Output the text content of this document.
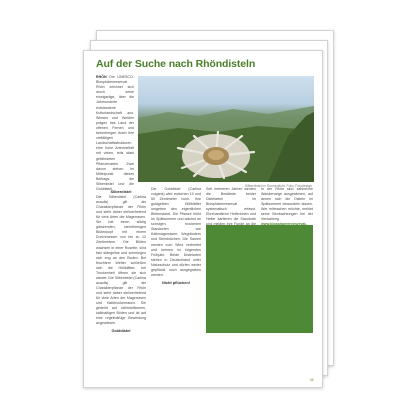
Auf der Suche nach Rhöndisteln
RHÖN Die UNESCO-Biosphärenreservat Rhön zeichnet sich durch seine einzigartige, über die Jahrhunderte entstandene Kulturlandschaft aus. Wiesen und Weiden prägen das Land der offenen Fernen und beherbergen durch ihre vielfältigen Landschaftsstrukturen eine hohe Artenvielfalt mit vielen, teils stark gefährdeten Pflanzenarten. Zwei davon stehen im Mittelpunkt dieses Beitrags: die Silberdistel und die Golddistel.
Silberdistel im Sonnenlicht, Foto: Fotodesign
Silberdistel
Die Silberdistel (Carlina acaulis) gilt als Charakterpflanze der Rhön und steht daher stellvertretend für viele Arten der Magerrasen. Sie hat einen silbrig glänzenden, sternförmigen Blütenkopf mit einem Durchmesser von bis zu 12 Zentimetern. Die Blüten wachsen in einer Rosette, sind fast stängellos und schmiegen sich eng an den Boden. Bei feuchtem Wetter schließen sich die Hüllblätter, bei Trockenheit öffnen sie sich wieder. Die Silberdistel (Carlina acaulis) gilt als Charakterpflanze der Rhön und steht daher stellvertretend für viele Arten der Magerrasen und Halbtrockenrasen. Sie gedeiht auf nährstoffarmen, kalkhaltigen Böden und ist auf eine regelmäßige Beweidung angewiesen.
Golddistel
Die Golddistel (Carlina vulgaris) wird zwischen 10 und 50 Zentimeter hoch. Ihre goldgelben Hüllblätter umgeben den eigentlichen Blütenstand. Die Pflanze blüht im Spätsommer und wächst an sonnigen, trockenen Standorten wie Kalkmagerrasen, Wegrändern und Steinbrüchen. Die Samen werden vom Wind verbreitet und keimen im folgenden Frühjahr. Beide Distelarten stehen in Deutschland unter Naturschutz und dürfen weder gepflückt noch ausgegraben werden.
Nicht pflücken!
Seit mehreren Jahren werden die Bestände beider Distelarten im Biosphärenreservat systematisch erfasst. Ehrenamtliche Helferinnen und Helfer kartieren die Standorte
In der Rhön sind zahlreiche Wanderwege ausgewiesen, auf denen sich die Disteln im Spätsommer bewundern lassen. Wer mitmachen möchte, meldet seine Beobachtungen bei der Verwaltung.
11
